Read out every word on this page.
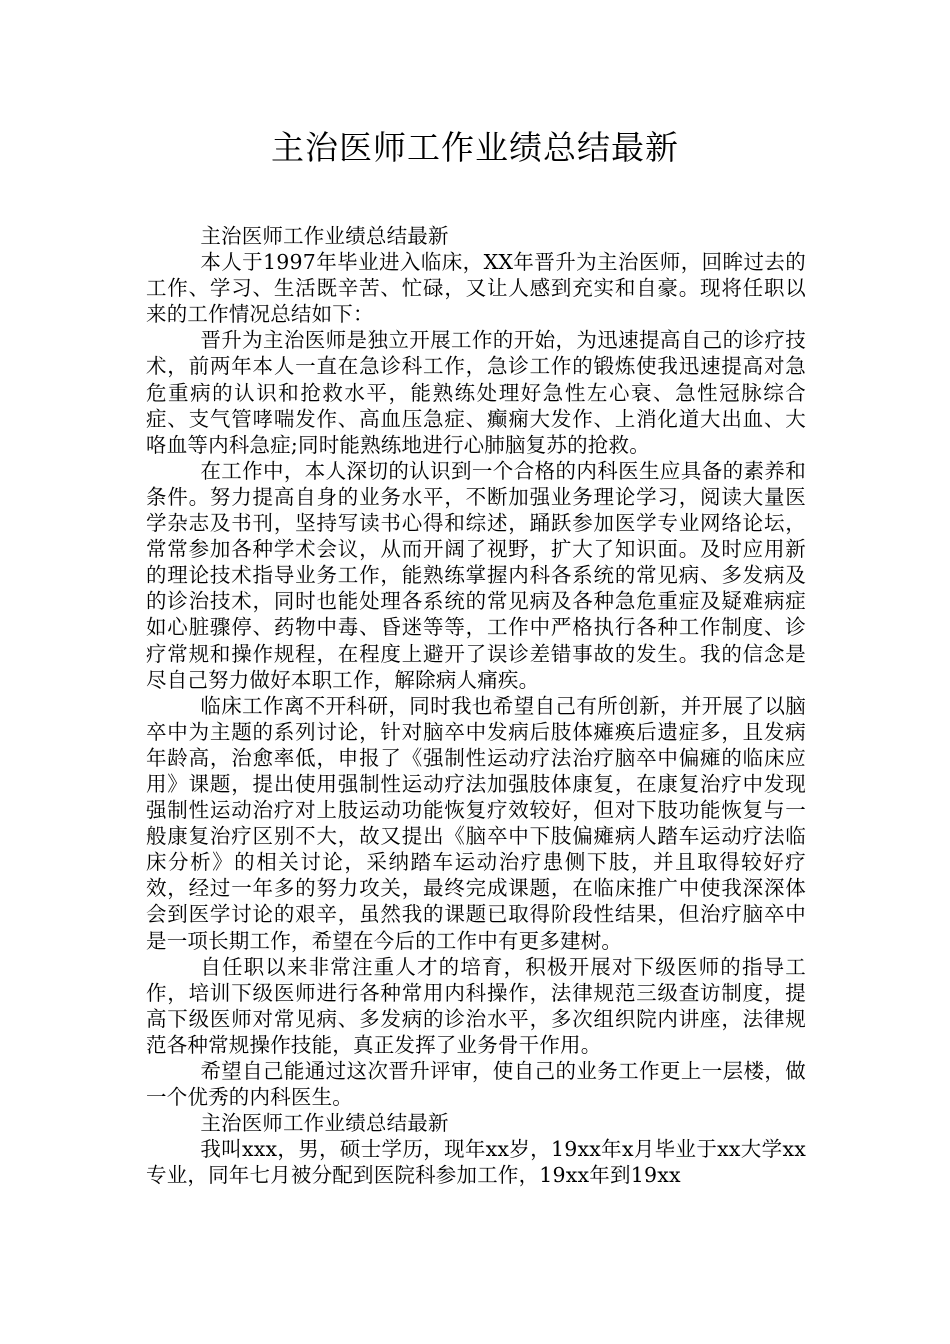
主治医师工作业绩总结最新

主治医师工作业绩总结最新

本人于1997年毕业进入临床，XX年晋升为主治医师，回眸过去的工作、学习、生活既辛苦、忙碌，又让人感到充实和自豪。现将任职以来的工作情况总结如下：

晋升为主治医师是独立开展工作的开始，为迅速提高自己的诊疗技术，前两年本人一直在急诊科工作，急诊工作的锻炼使我迅速提高对急危重病的认识和抢救水平，能熟练处理好急性左心衰、急性冠脉综合症、支气管哮喘发作、高血压急症、癫痫大发作、上消化道大出血、大咯血等内科急症;同时能熟练地进行心肺脑复苏的抢救。

在工作中，本人深切的认识到一个合格的内科医生应具备的素养和条件。努力提高自身的业务水平，不断加强业务理论学习，阅读大量医学杂志及书刊，坚持写读书心得和综述，踊跃参加医学专业网络论坛，常常参加各种学术会议，从而开阔了视野，扩大了知识面。及时应用新的理论技术指导业务工作，能熟练掌握内科各系统的常见病、多发病及的诊治技术，同时也能处理各系统的常见病及各种急危重症及疑难病症如心脏骤停、药物中毒、昏迷等等，工作中严格执行各种工作制度、诊疗常规和操作规程，在程度上避开了误诊差错事故的发生。我的信念是尽自己努力做好本职工作，解除病人痛疾。

临床工作离不开科研，同时我也希望自己有所创新，并开展了以脑卒中为主题的系列讨论，针对脑卒中发病后肢体瘫痪后遗症多，且发病年龄高，治愈率低，申报了《强制性运动疗法治疗脑卒中偏瘫的临床应用》课题，提出使用强制性运动疗法加强肢体康复，在康复治疗中发现强制性运动治疗对上肢运动功能恢复疗效较好，但对下肢功能恢复与一般康复治疗区别不大，故又提出《脑卒中下肢偏瘫病人踏车运动疗法临床分析》的相关讨论，采纳踏车运动治疗患侧下肢，并且取得较好疗效，经过一年多的努力攻关，最终完成课题，在临床推广中使我深深体会到医学讨论的艰辛，虽然我的课题已取得阶段性结果，但治疗脑卒中是一项长期工作，希望在今后的工作中有更多建树。

自任职以来非常注重人才的培育，积极开展对下级医师的指导工作，培训下级医师进行各种常用内科操作，法律规范三级查访制度，提高下级医师对常见病、多发病的诊治水平，多次组织院内讲座，法律规范各种常规操作技能，真正发挥了业务骨干作用。

希望自己能通过这次晋升评审，使自己的业务工作更上一层楼，做一个优秀的内科医生。

主治医师工作业绩总结最新

我叫xxx，男，硕士学历，现年xx岁，19xx年x月毕业于xx大学xx专业，同年七月被分配到医院科参加工作，19xx年到19xx
